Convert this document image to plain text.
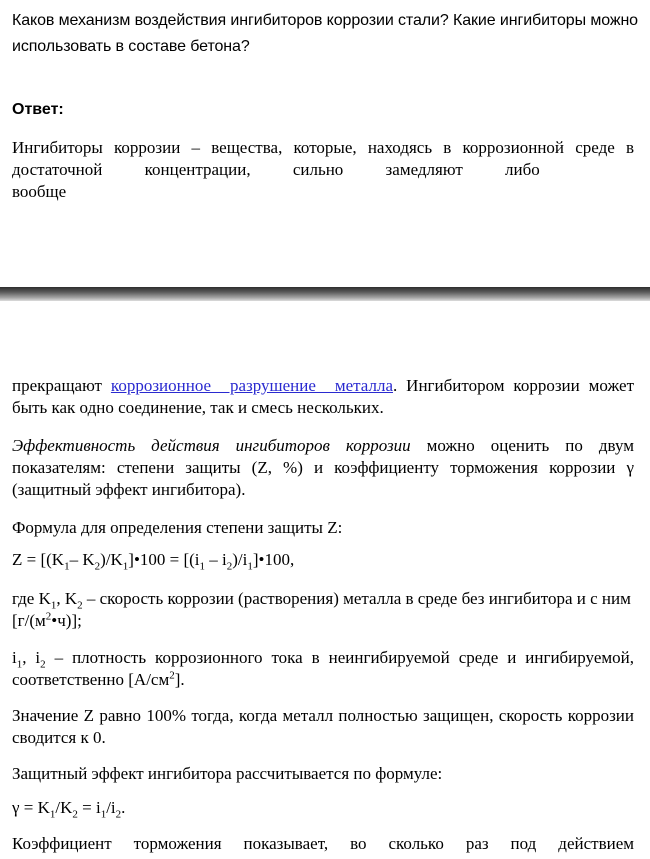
Каков механизм воздействия ингибиторов коррозии стали? Какие ингибиторы можно использовать в составе бетона?
Ответ:
Ингибиторы коррозии – вещества, которые, находясь в коррозионной среде в
достаточной концентрации, сильно замедляют либо вообще
прекращают коррозионное разрушение металла. Ингибитором коррозии может быть как одно соединение, так и смесь нескольких.
Эффективность действия ингибиторов коррозии можно оценить по двум показателям: степени защиты (Z, %) и коэффициенту торможения коррозии γ (защитный эффект ингибитора).
Формула для определения степени защиты Z:
$Z = [(K_1-$ $K_2)/K_1]•100 = [(i_1$ – $i_2)/i_1]•100$,
где $K_1$, $K_2$ – скорость коррозии (растворения) металла в среде без ингибитора и с ним $[г/(м^2•ч)]$;
$i_1$, $i_2$ – плотность коррозионного тока в неингибируемой среде и ингибируемой, соответственно $[А/см^2]$.
Значение Z равно 100% тогда, когда металл полностью защищен, скорость коррозии сводится к 0.
Защитный эффект ингибитора рассчитывается по формуле:
$\gamma = K_1/K_2 = i_1/i_2$.
Коэффициент торможения показывает, во сколько раз под действием
